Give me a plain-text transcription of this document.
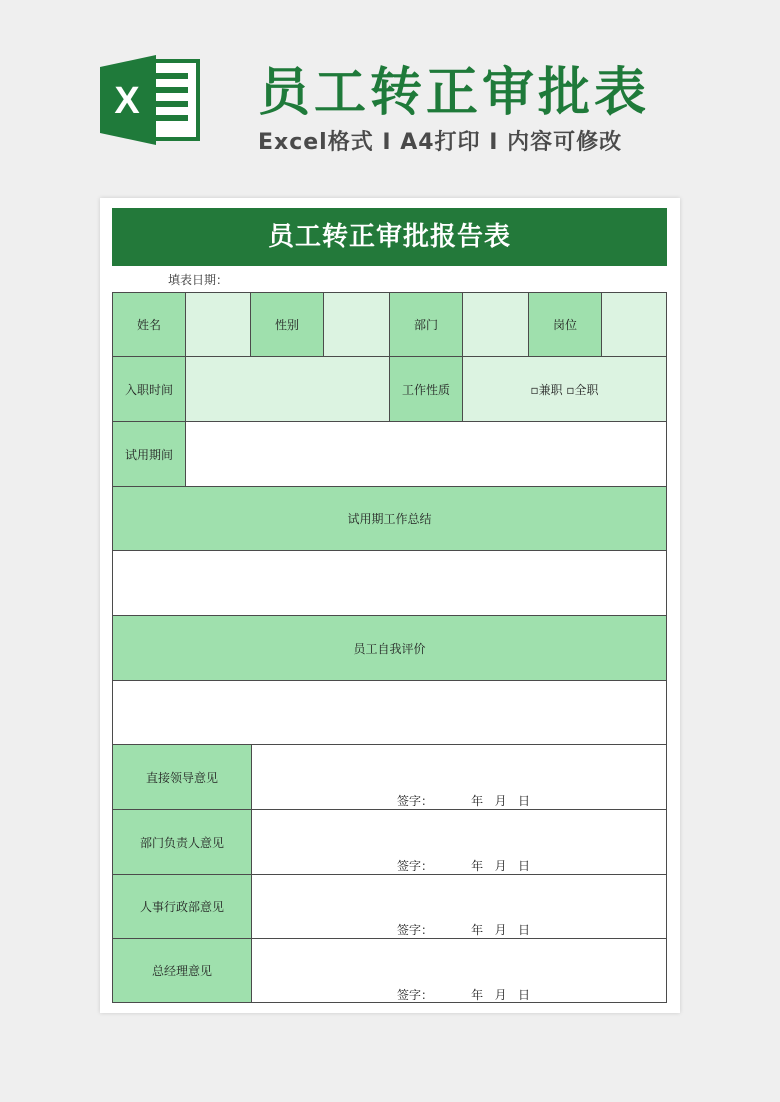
X 员工转正审批表
Excel格式 I A4打印 I 内容可修改
员工转正审批报告表
填表日期：
姓名	性别	部门	岗位
入职时间	工作性质	▫兼职 ▫全职
试用期间
试用期工作总结
员工自我评价
直接领导意见
签字：          年   月   日
部门负责人意见
签字：          年   月   日
人事行政部意见
签字：          年   月   日
总经理意见
签字：          年   月   日
